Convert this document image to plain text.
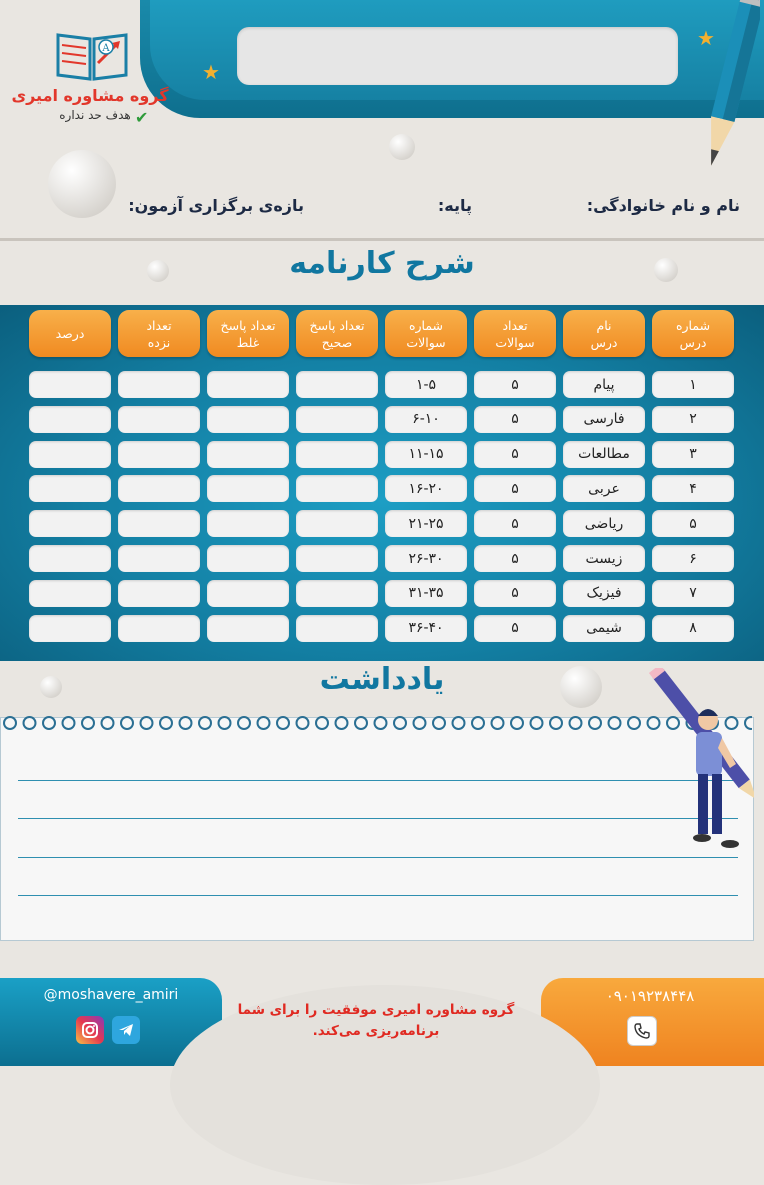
★
★
A
گروه مشاوره امیری
هدف حد نداره ✔
نام و نام خانوادگی:
پایه:
بازه‌ی برگزاری آزمون:
شرح کارنامه
شماره
درس
نام
درس
تعداد
سوالات
شماره
سوالات
تعداد پاسخ
صحیح
تعداد پاسخ
غلط
تعداد
نزده
درصد
۱
پیام
۵
۱-۵
۲
فارسی
۵
۶-۱۰
۳
مطالعات
۵
۱۱-۱۵
۴
عربی
۵
۱۶-۲۰
۵
ریاضی
۵
۲۱-۲۵
۶
زیست
۵
۲۶-۳۰
۷
فیزیک
۵
۳۱-۳۵
۸
شیمی
۵
۳۶-۴۰
یادداشت
@moshavere_amiri	۰۹۰۱۹۲۳۸۴۴۸
گروه مشاوره امیری موفقیت را برای شما
برنامه‌ریزی می‌کند.
